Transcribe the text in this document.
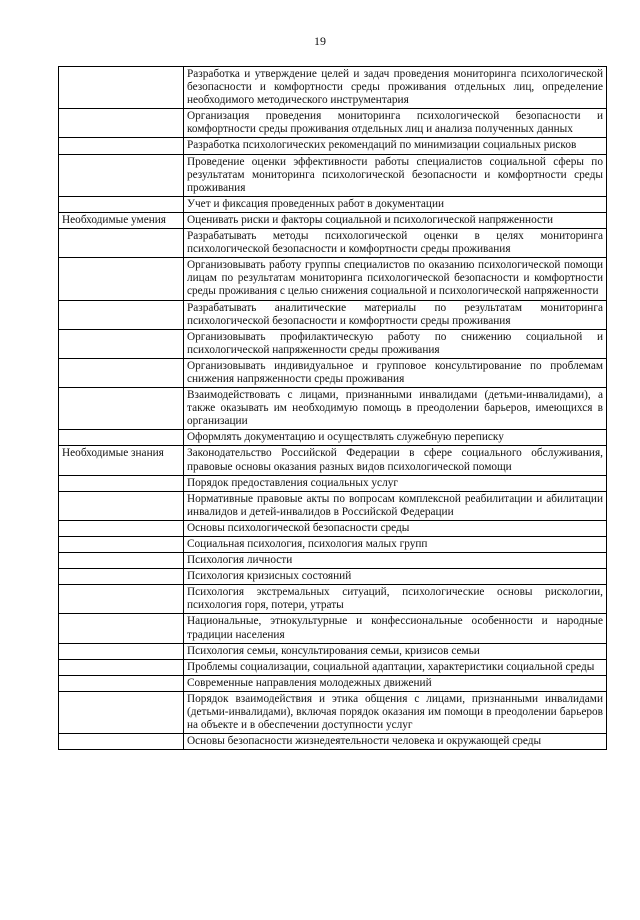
19
	Разработка и утверждение целей и задач проведения мониторинга психологической безопасности и комфортности среды проживания отдельных лиц, определение необходимого методического инструментария
	Организация проведения мониторинга психологической безопасности и комфортности среды проживания отдельных лиц и анализа полученных данных
	Разработка психологических рекомендаций по минимизации социальных рисков
	Проведение оценки эффективности работы специалистов социальной сферы по результатам мониторинга психологической безопасности и комфортности среды проживания
	Учет и фиксация проведенных работ в документации
Необходимые умения	Оценивать риски и факторы социальной и психологической напряженности
	Разрабатывать методы психологической оценки в целях мониторинга психологической безопасности и комфортности среды проживания
	Организовывать работу группы специалистов по оказанию психологической помощи лицам по результатам мониторинга психологической безопасности и комфортности среды проживания с целью снижения социальной и психологической напряженности
	Разрабатывать аналитические материалы по результатам мониторинга психологической безопасности и комфортности среды проживания
	Организовывать профилактическую работу по снижению социальной и психологической напряженности среды проживания
	Организовывать индивидуальное и групповое консультирование по проблемам снижения напряженности среды проживания
	Взаимодействовать с лицами, признанными инвалидами (детьми-инвалидами), а также оказывать им необходимую помощь в преодолении барьеров, имеющихся в организации
	Оформлять документацию и осуществлять служебную переписку
Необходимые знания	Законодательство Российской Федерации в сфере социального обслуживания, правовые основы оказания разных видов психологической помощи
	Порядок предоставления социальных услуг
	Нормативные правовые акты по вопросам комплексной реабилитации и абилитации инвалидов и детей-инвалидов в Российской Федерации
	Основы психологической безопасности среды
	Социальная психология, психология малых групп
	Психология личности
	Психология кризисных состояний
	Психология экстремальных ситуаций, психологические основы рискологии, психология горя, потери, утраты
	Национальные, этнокультурные и конфессиональные особенности и народные традиции населения
	Психология семьи, консультирования семьи, кризисов семьи
	Проблемы социализации, социальной адаптации, характеристики социальной среды
	Современные направления молодежных движений
	Порядок взаимодействия и этика общения с лицами, признанными инвалидами (детьми-инвалидами), включая порядок оказания им помощи в преодолении барьеров на объекте и в обеспечении доступности услуг
	Основы безопасности жизнедеятельности человека и окружающей среды
